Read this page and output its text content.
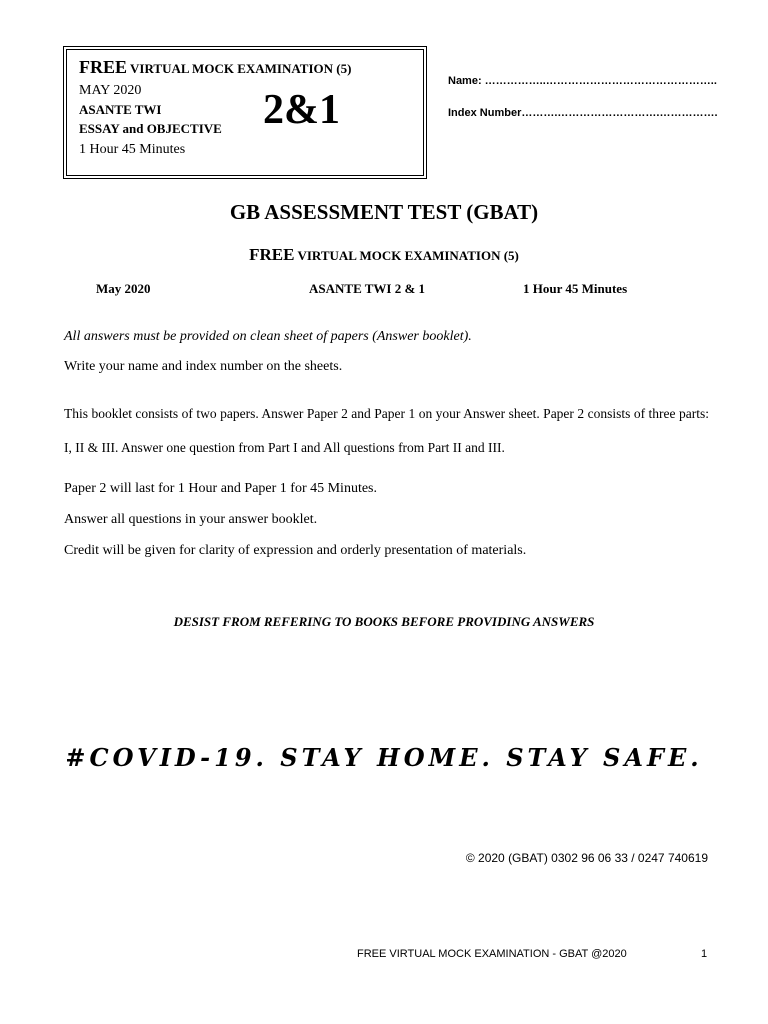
FREE VIRTUAL MOCK EXAMINATION (5)
MAY 2020
ASANTE TWI
ESSAY and OBJECTIVE
1 Hour 45 Minutes
2&1
Name: ……………..………………………………………..
Index Number……….……………………….…………….
GB ASSESSMENT TEST (GBAT)
FREE VIRTUAL MOCK EXAMINATION (5)
May 2020	ASANTE TWI 2 & 1	1 Hour 45 Minutes
All answers must be provided on clean sheet of papers (Answer booklet).
Write your name and index number on the sheets.
This booklet consists of two papers. Answer Paper 2 and Paper 1 on your Answer sheet. Paper 2 consists of three parts: I, II & III. Answer one question from Part I and All questions from Part II and III.
Paper 2 will last for 1 Hour and Paper 1 for 45 Minutes.
Answer all questions in your answer booklet.
Credit will be given for clarity of expression and orderly presentation of materials.
DESIST FROM REFERING TO BOOKS BEFORE PROVIDING ANSWERS
#COVID-19. STAY HOME. STAY SAFE.
© 2020 (GBAT) 0302 96 06 33 / 0247 740619
FREE VIRTUAL MOCK EXAMINATION - GBAT @2020	1
